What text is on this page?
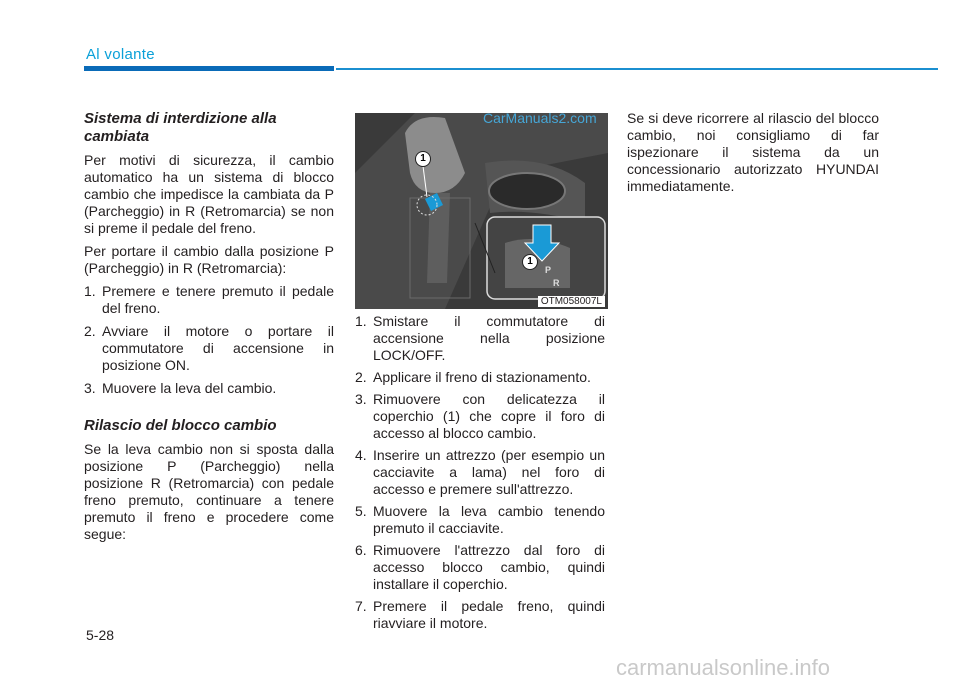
Al volante
Sistema di interdizione alla cambiata

Per motivi di sicurezza, il cambio automatico ha un sistema di blocco cambio che impedisce la cambiata da P (Parcheggio) in R (Retromarcia) se non si preme il pedale del freno.

Per portare il cambio dalla posizione P (Parcheggio) in R (Retromarcia):

1. Premere e tenere premuto il pedale del freno.
2. Avviare il motore o portare il commutatore di accensione in posizione ON.
3. Muovere la leva del cambio.
Rilascio del blocco cambio

Se la leva cambio non si sposta dalla posizione P (Parcheggio) nella posizione R (Retromarcia) con pedale freno premuto, continuare a tenere premuto il freno e procedere come segue:

1
1
P
R
OTM058007L
CarManuals2.com
1. Smistare il commutatore di accensione nella posizione LOCK/OFF.
2. Applicare il freno di stazionamento.
3. Rimuovere con delicatezza il coperchio (1) che copre il foro di accesso al blocco cambio.
4. Inserire un attrezzo (per esempio un cacciavite a lama) nel foro di accesso e premere sull'attrezzo.
5. Muovere la leva cambio tenendo premuto il cacciavite.
6. Rimuovere l'attrezzo dal foro di accesso blocco cambio, quindi installare il coperchio.
7. Premere il pedale freno, quindi riavviare il motore.

Se si deve ricorrere al rilascio del blocco cambio, noi consigliamo di far ispezionare il sistema da un concessionario autorizzato HYUNDAI immediatamente.

5-28
carmanualsonline.info
